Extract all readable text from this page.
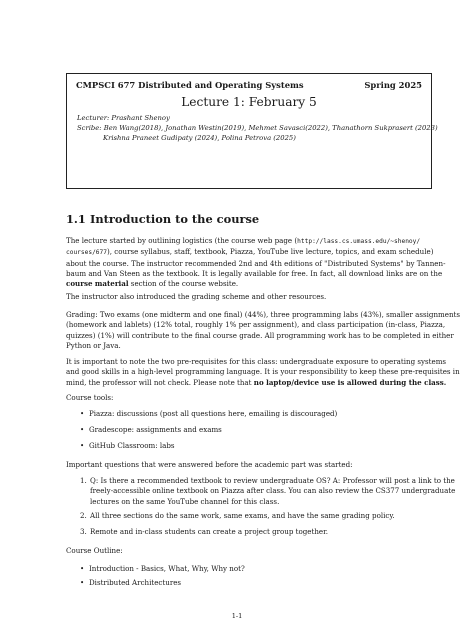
CMPSCI 677 Distributed and Operating Systems	Spring 2025
Lecture 1: February 5
Lecturer: Prashant Shenoy
Scribe: Ben Wang(2018), Jonathan Westin(2019), Mehmet Savasci(2022), Thanathorn Sukprasert (2023)
Krishna Praneet Gudipaty (2024), Polina Petrova (2025)
1.1 Introduction to the course
The lecture started by outlining logistics (the course web page (http://lass.cs.umass.edu/~shenoy/
courses/677), course syllabus, staff, textbook, Piazza, YouTube live lecture, topics, and exam schedule)
about the course. The instructor recommended 2nd and 4th editions of "Distributed Systems" by Tannen-
baum and Van Steen as the textbook. It is legally available for free. In fact, all download links are on the
course material section of the course website.
The instructor also introduced the grading scheme and other resources.
Grading: Two exams (one midterm and one final) (44%), three programming labs (43%), smaller assignments
(homework and lablets) (12% total, roughly 1% per assignment), and class participation (in-class, Piazza,
quizzes) (1%) will contribute to the final course grade. All programming work has to be completed in either
Python or Java.
It is important to note the two pre-requisites for this class: undergraduate exposure to operating systems
and good skills in a high-level programming language. It is your responsibility to keep these pre-requisites in
mind, the professor will not check. Please note that no laptop/device use is allowed during the class.
Course tools:
• Piazza: discussions (post all questions here, emailing is discouraged)
• Gradescope: assignments and exams
• GitHub Classroom: labs
Important questions that were answered before the academic part was started:
1. Q: Is there a recommended textbook to review undergraduate OS? A: Professor will post a link to the
freely-accessible online textbook on Piazza after class. You can also review the CS377 undergraduate
lectures on the same YouTube channel for this class.
2. All three sections do the same work, same exams, and have the same grading policy.
3. Remote and in-class students can create a project group together.
Course Outline:
• Introduction - Basics, What, Why, Why not?
• Distributed Architectures
1-1
